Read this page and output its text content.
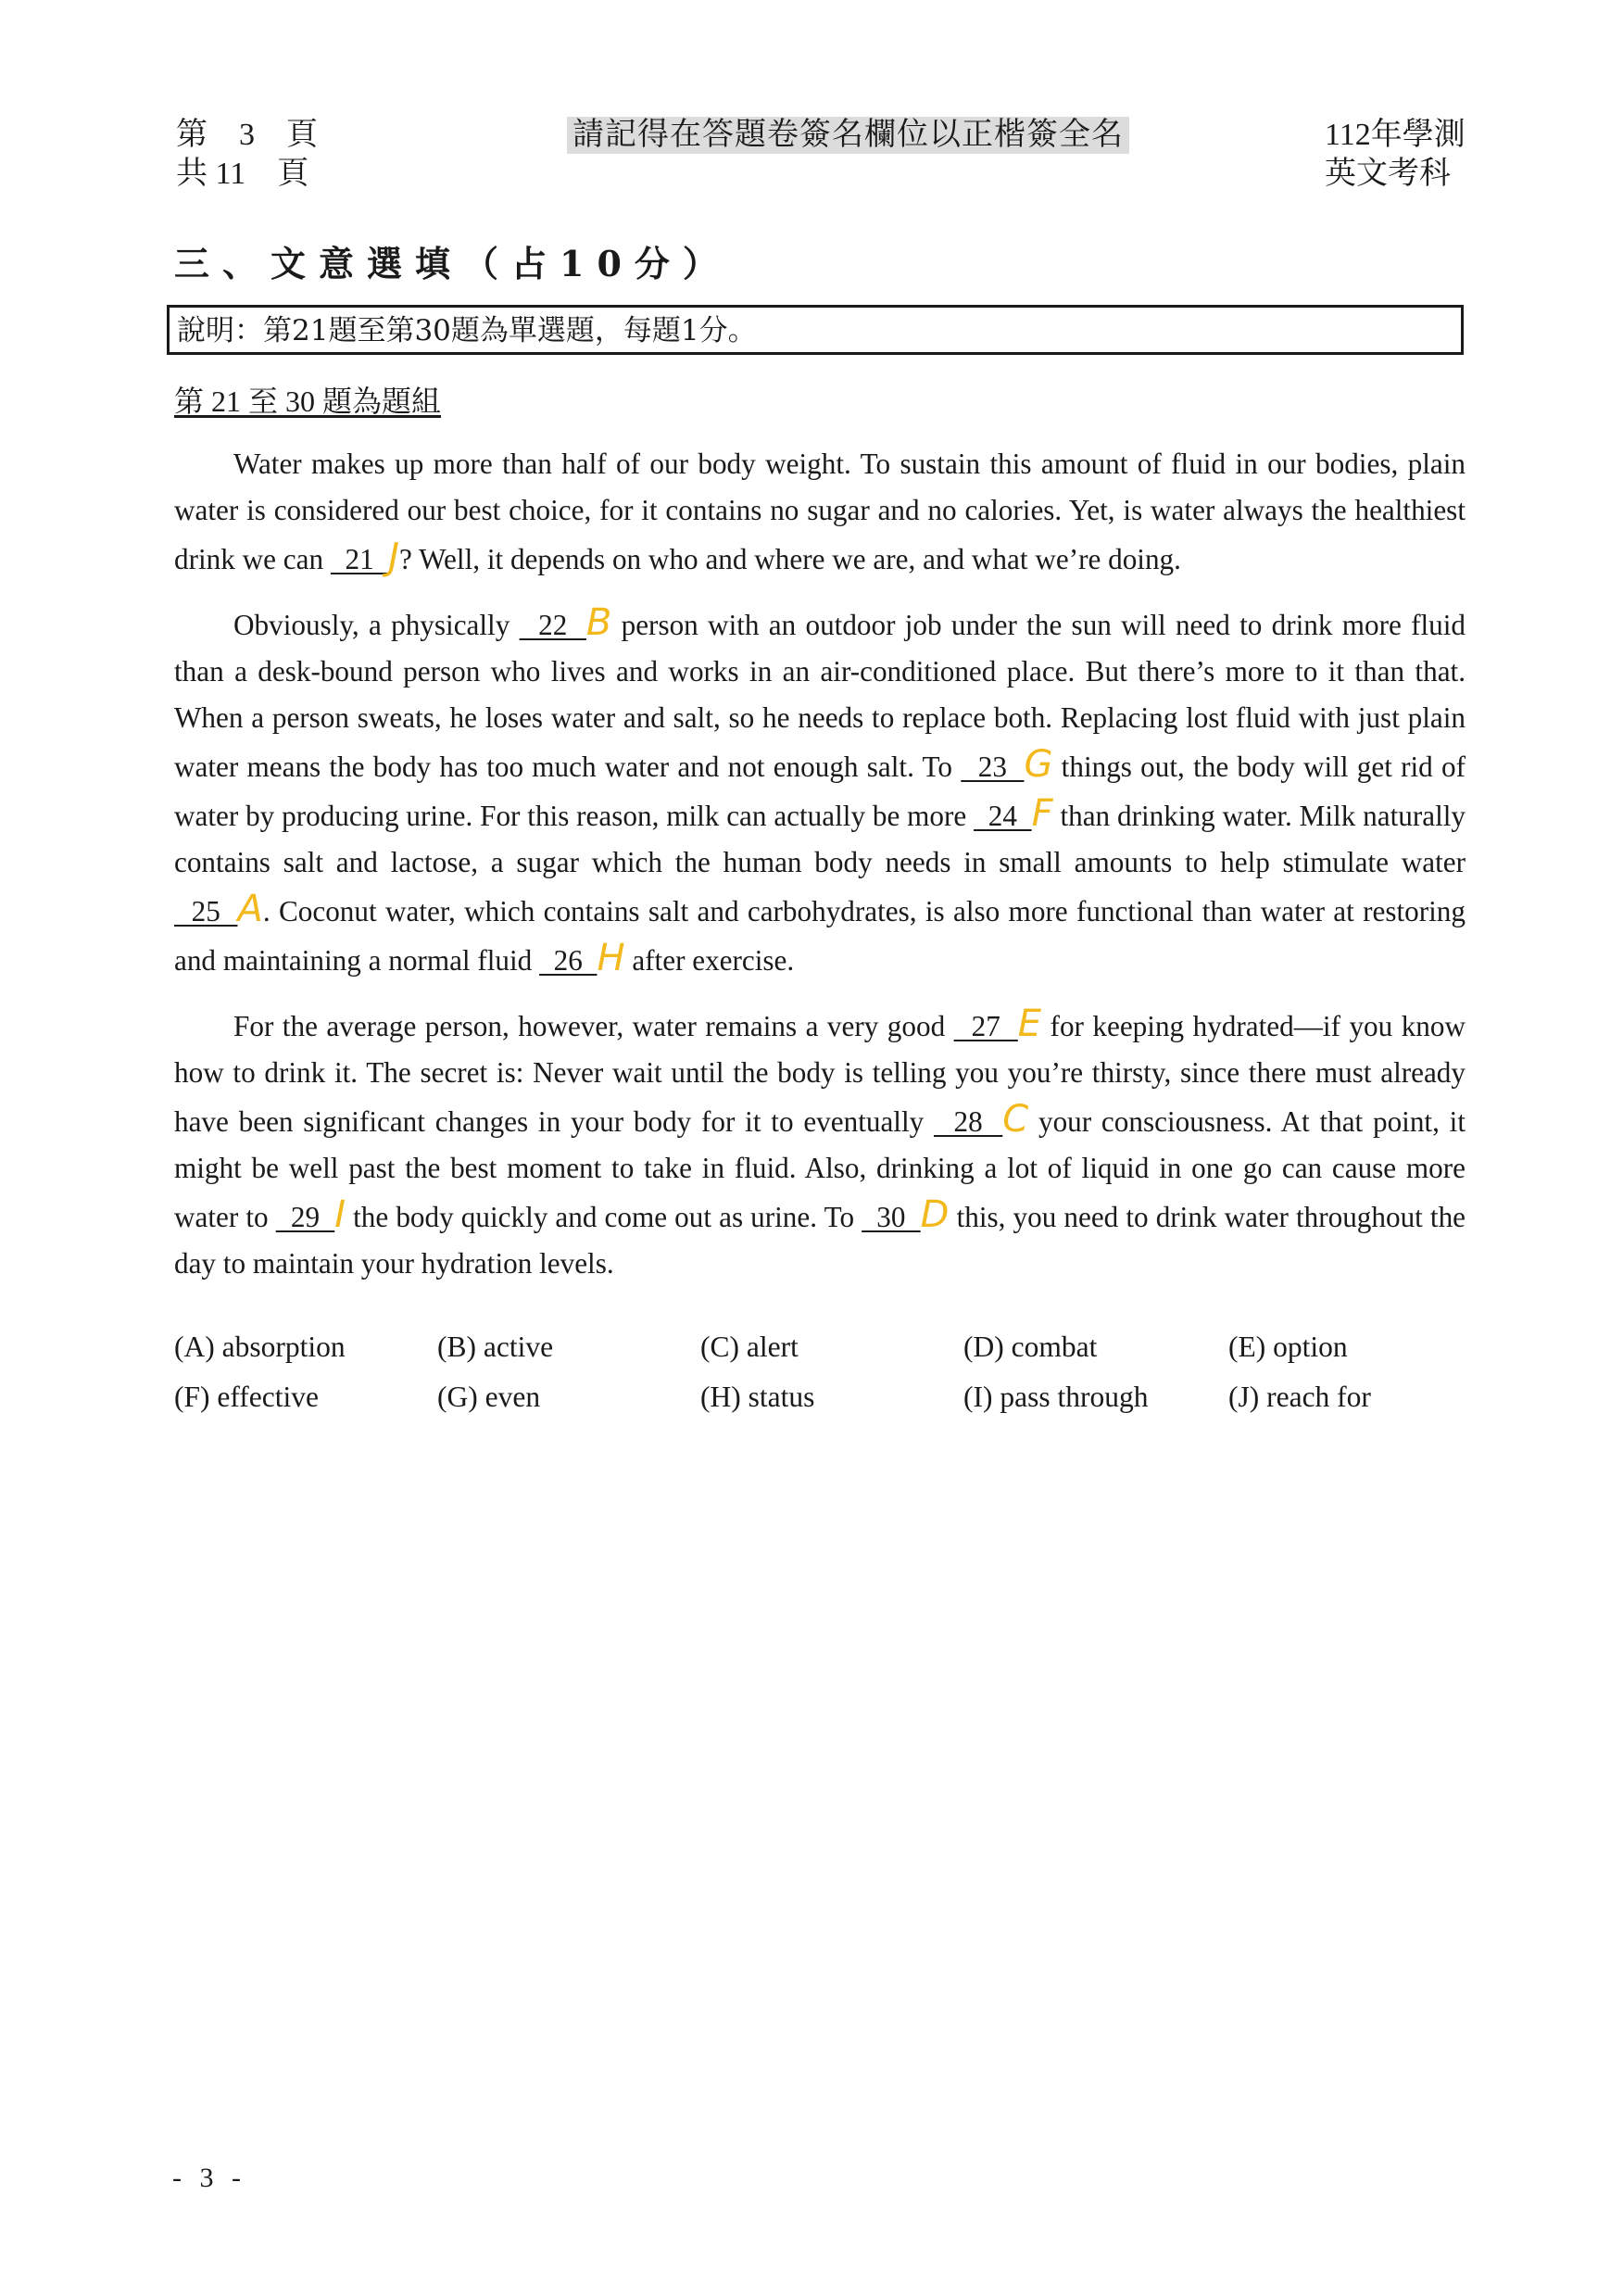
第　3　頁
共 11　頁
請記得在答題卷簽名欄位以正楷簽全名	112年學測
英文考科
三、文意選填（占10分）
說明：第21題至第30題為單選題，每題1分。
第 21 至 30 題為題組

Water makes up more than half of our body weight. To sustain this amount of fluid in our bodies, plain water is considered our best choice, for it contains no sugar and no calories. Yet, is water always the healthiest drink we can   21  J? Well, it depends on who and where we are, and what we’re doing.

Obviously, a physically   22  B person with an outdoor job under the sun will need to drink more fluid than a desk-bound person who lives and works in an air-conditioned place. But there’s more to it than that. When a person sweats, he loses water and salt, so he needs to replace both. Replacing lost fluid with just plain water means the body has too much water and not enough salt. To   23  G things out, the body will get rid of water by producing urine. For this reason, milk can actually be more   24  F than drinking water. Milk naturally contains salt and lactose, a sugar which the human body needs in small amounts to help stimulate water   25  A. Coconut water, which contains salt and carbohydrates, is also more functional than water at restoring and maintaining a normal fluid   26  H after exercise.

For the average person, however, water remains a very good   27  E for keeping hydrated—if you know how to drink it. The secret is: Never wait until the body is telling you you’re thirsty, since there must already have been significant changes in your body for it to eventually   28  C your consciousness. At that point, it might be well past the best moment to take in fluid. Also, drinking a lot of liquid in one go can cause more water to   29  I the body quickly and come out as urine. To   30  D this, you need to drink water throughout the day to maintain your hydration levels.

(A) absorption	(B) active	(C) alert	(D) combat	(E) option
(F) effective	(G) even	(H) status	(I) pass through	(J) reach for
- 3 -
